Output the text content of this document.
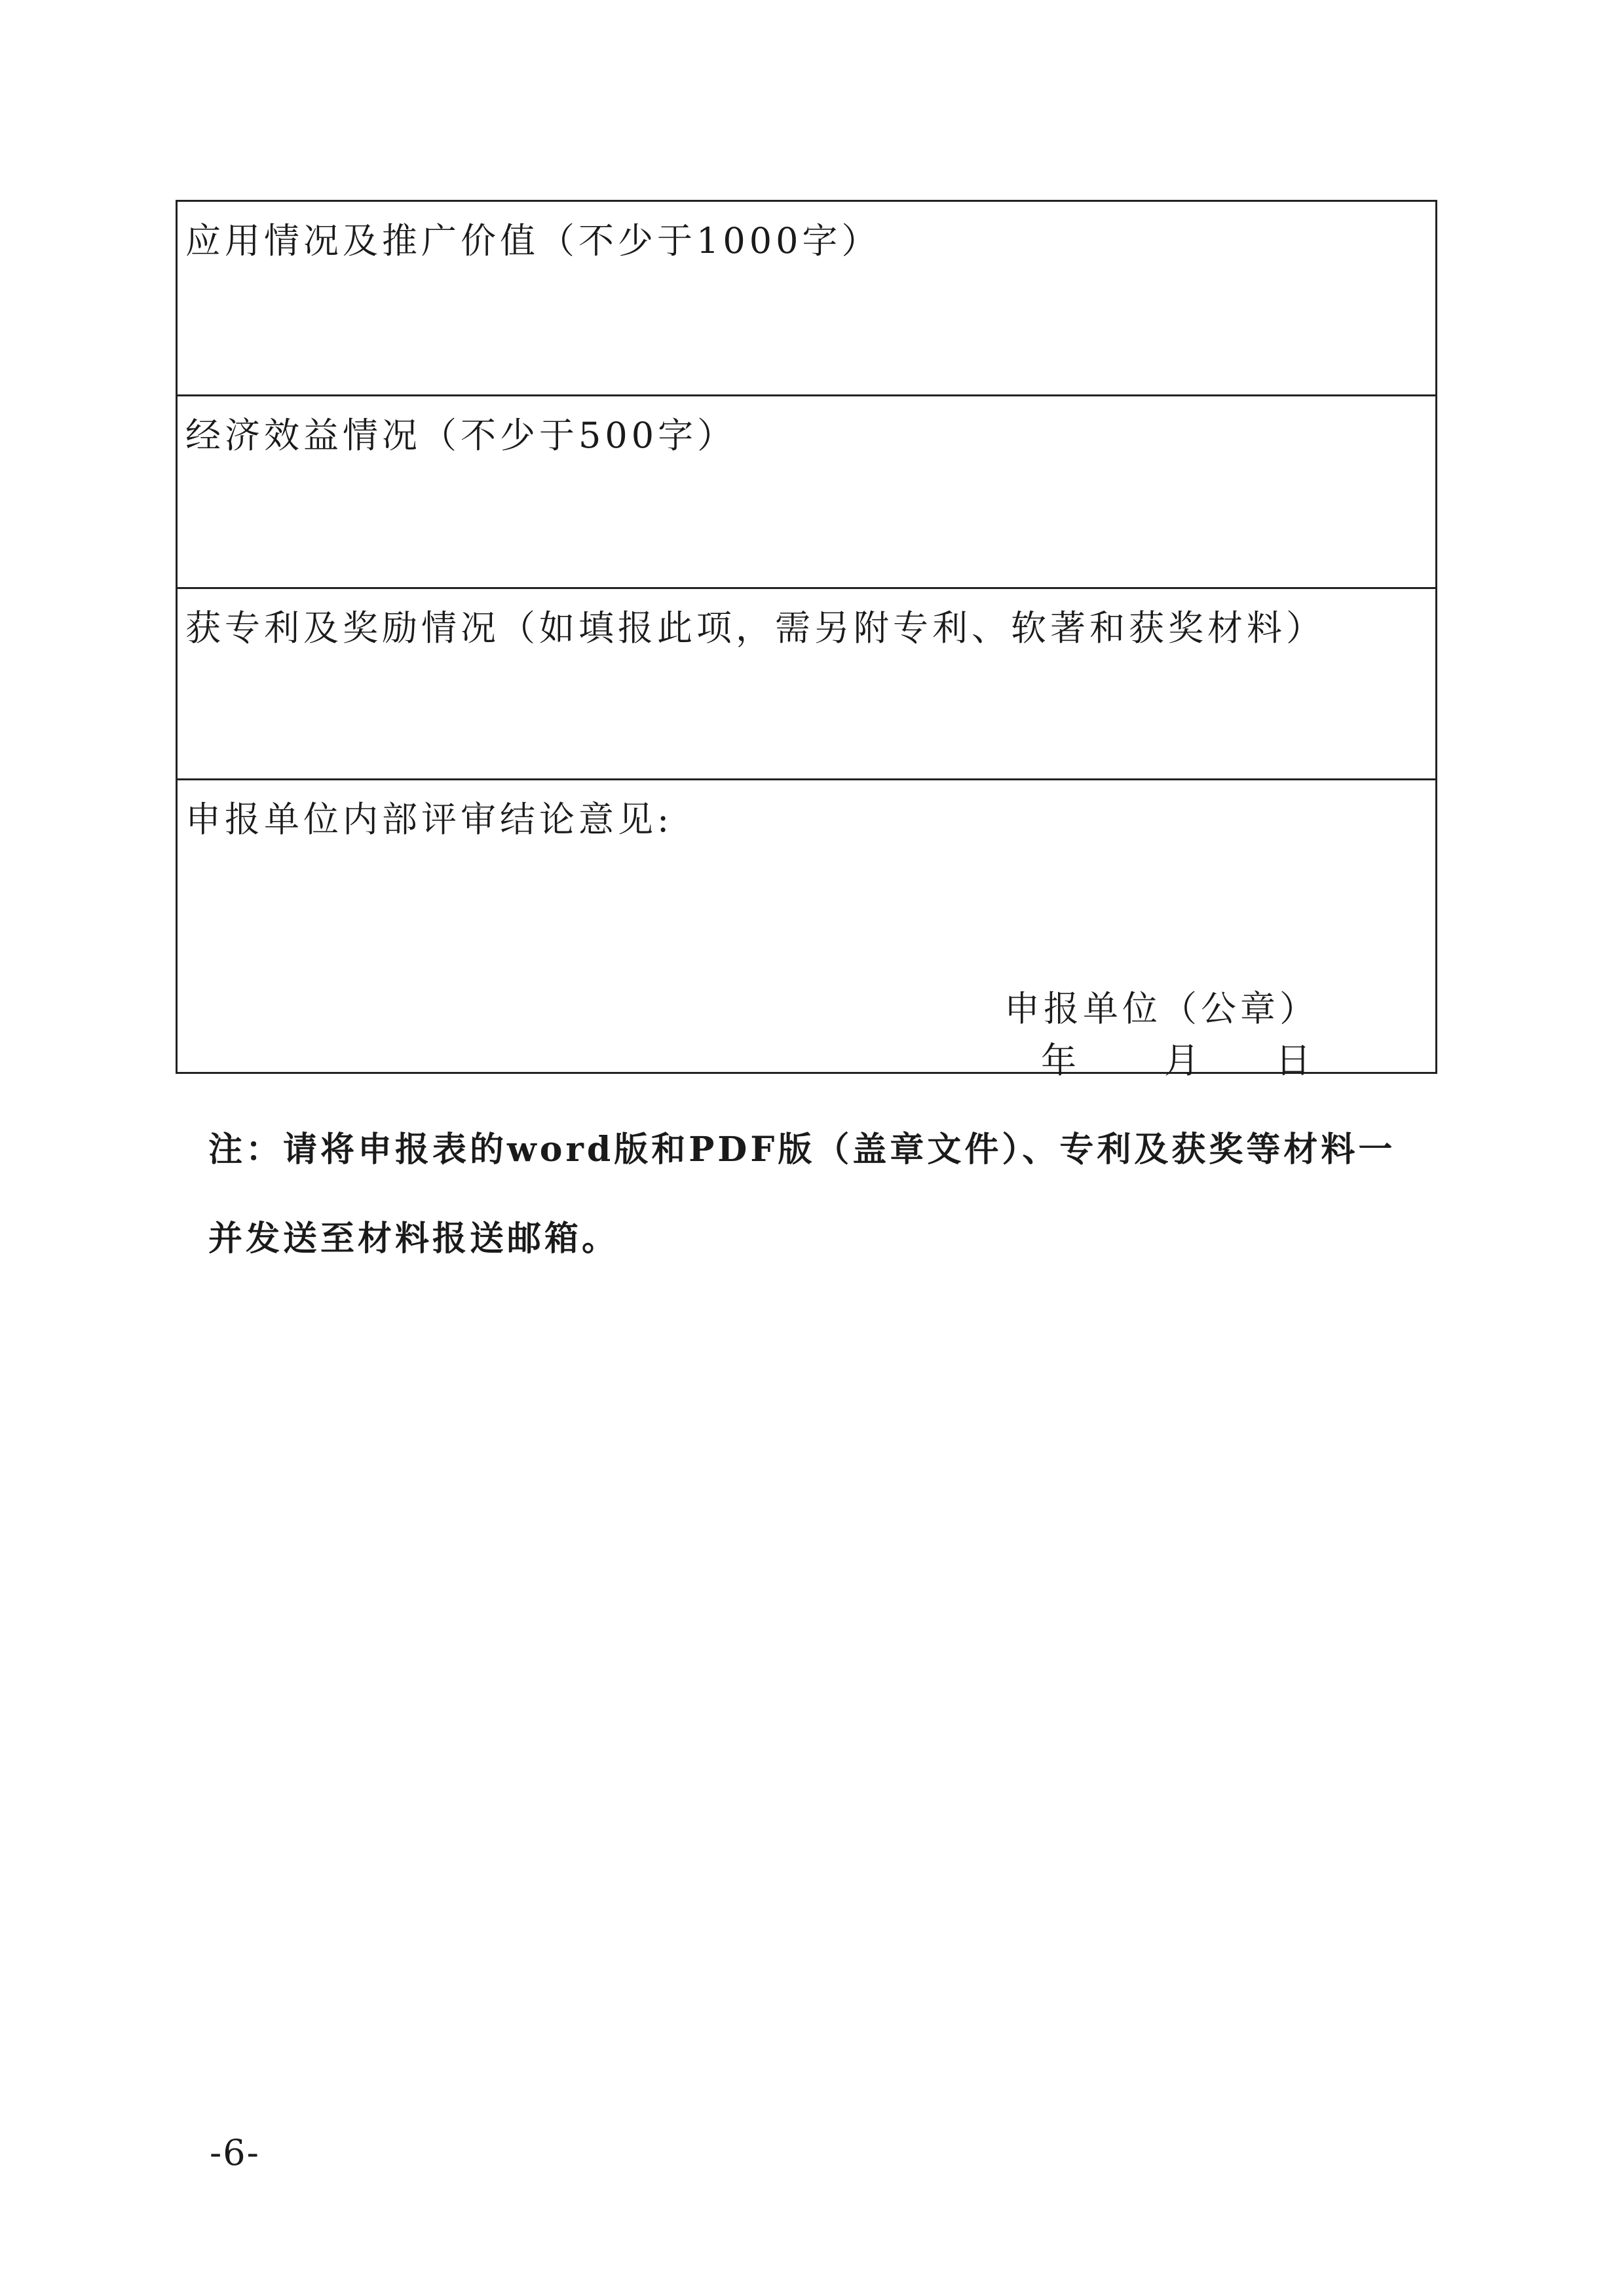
应用情况及推广价值（不少于1000字）
经济效益情况（不少于500字）
获专利及奖励情况（如填报此项，需另附专利、软著和获奖材料）
申报单位内部评审结论意见:
申报单位（公章）
年 月 日
注：请将申报表的word版和PDF版（盖章文件）、专利及获奖等材料一
并发送至材料报送邮箱。
-6-
